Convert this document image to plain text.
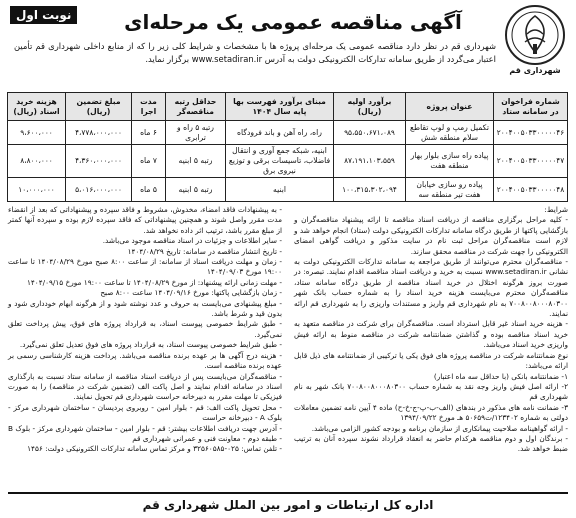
نوبت اول
شهرداری قم
آگهی مناقصه عمومی یک مرحله‌ای
شهرداری قم در نظر دارد مناقصه عمومی یک مرحله‌ای پروژه ها با مشخصات و شرایط کلی زیر را که از منابع داخلی شهرداری قم تأمین اعتبار می‌گردد از طریق سامانه تدارکات الکترونیکی دولت به آدرس www.setadiran.ir برگزار نماید.
شماره فراخوان در سامانه ستاد	عنوان پروژه	برآورد اولیه (ریال)	مبنای برآورد فهرست بها پایه سال ۱۴۰۴	حداقل رتبه مناقصه‌گر	مدت اجرا	مبلغ تضمین (ریال)	هزینه خرید اسناد (ریال)
۲۰۰۴۰۰۵۰۳۳۰۰۰۰۰۴۶	تکمیل رمپ و لوپ تقاطع سلام منطقه شش	۹۵،۵۵۰،۶۷۱،۰۸۹	راه، راه آهن و باند فرودگاه	رتبه ۵ راه و ترابری	۶ ماه	۴،۷۷۸،۰۰۰،۰۰۰	۹،۶۰۰،۰۰۰
۲۰۰۴۰۰۵۰۳۳۰۰۰۰۰۴۷	پیاده راه سازی بلوار بهار منطقه هفت	۸۷،۱۹۱،۱۰۳،۵۵۹	ابنیه، شبکه جمع آوری و انتقال فاضلاب، تاسیسات برقی و توزیع نیروی برق	رتبه ۵ ابنیه	۷ ماه	۴،۳۶۰،۰۰۰،۰۰۰	۸،۸۰۰،۰۰۰
۲۰۰۴۰۰۵۰۳۳۰۰۰۰۰۴۸	پیاده رو سازی خیابان هفت تیر منطقه سه	۱۰۰،۳۱۵،۳۰۲،۰۹۴	ابنیه	رتبه ۵ ابنیه	۵ ماه	۵،۰۱۶،۰۰۰،۰۰۰	۱۰،۰۰۰،۰۰۰

شرایط:

- کلیه مراحل برگزاری مناقصه از دریافت اسناد مناقصه تا ارائه پیشنهاد مناقصه‌گران و بازگشایی پاکتها از طریق درگاه سامانه تدارکات الکترونیکی دولت (ستاد) انجام خواهد شد و لازم است مناقصه‌گران مراحل ثبت نام در سایت مذکور و دریافت گواهی امضای الکترونیکی را جهت شرکت در مناقصه محقق سازند.

- مناقصه‌گران محترم می‌توانند از طریق مراجعه به سامانه تدارکات الکترونیکی دولت به نشانی www.setadiran.ir نسبت به خرید و دریافت اسناد مناقصه اقدام نمایند. تبصره: در صورت بروز هرگونه اختلال در خرید اسناد مناقصه از طریق درگاه سامانه ستاد، مناقصه‌گران محترم می‌بایست هزینه خرید اسناد را به شماره حساب بانک شهر ۷۰۰۸۰۰۸۰۰۰۸۰۳۰۰ به نام شهرداری قم واریز و مستندات واریزی را به شهرداری قم ارائه نمایند.

- هزینه خرید اسناد غیر قابل استرداد است. مناقصه‌گران برای شرکت در مناقصه متعهد به خرید اسناد مناقصه بوده و گذاشتن ضمانتنامه شرکت در مناقصه منوط به ارائه فیش واریزی خرید اسناد می‌باشد.

نوع ضمانتنامه شرکت در مناقصه پروژه های فوق یکی یا ترکیبی از ضمانتنامه های ذیل قابل ارائه می‌باشد:

۱- ضمانتنامه بانکی (با حداقل سه ماه اعتبار)

۲- ارائه اصل فیش واریز وجه نقد به شماره حساب ۷۰۰۸۰۰۸۰۰۰۸۰۳۰۰ بانک شهر به نام شهرداری قم

۳- ضمانت نامه های مذکور در بندهای (الف-ب-پ-ج-خ-ح) ماده ۴ آیین نامه تضمین معاملات دولتی به شماره ۱۲۳۴۰۲/ت۵۰۶۵۹ هـ مورخ ۱۳۹۴/۰۹/۲۲

- ارائه گواهینامه صلاحیت پیمانکاری از سازمان برنامه و بودجه کشور الزامی می‌باشد.

- برندگان اول و دوم مناقصه هرکدام حاضر به انعقاد قرارداد نشوند سپرده آنان به ترتیب ضبط خواهد شد.

- به پیشنهادات فاقد امضاء، مخدوش، مشروط و فاقد سپرده و پیشنهاداتی که بعد از انقضاء مدت مقرر واصل شوند و همچنین پیشنهاداتی که فاقد سپرده لازم بوده و سپرده آنها کمتر از مبلغ مقرر باشد، ترتیب اثر داده نخواهد شد.

- سایر اطلاعات و جزئیات در اسناد مناقصه موجود می‌باشد.

- تاریخ انتشار مناقصه در سامانه: تاریخ ۱۴۰۴/۰۸/۲۹

- زمان و مهلت دریافت اسناد از سامانه: از ساعت ۸:۰۰ صبح مورخ ۱۴۰۴/۰۸/۲۹ تا ساعت ۱۹:۰۰ مورخ ۱۴۰۴/۰۹/۰۳

- مهلت زمانی ارائه پیشنهاد: از مورخ ۱۴۰۴/۰۸/۲۹ تا ساعت ۱۹:۰۰ مورخ ۱۴۰۴/۰۹/۱۵

- زمان بازگشایی پاکتها: مورخ ۱۴۰۴/۰۹/۱۶ ساعت ۸:۰۰ صبح

- مبلغ پیشنهادی می‌بایست به حروف و عدد نوشته شود و از هرگونه ابهام خودداری شود و بدون قید و شرط باشد.

- طبق شرایط خصوصی پیوست اسناد، به قرارداد پروژه های فوق، پیش پرداخت تعلق نمی‌گیرد.

- طبق شرایط خصوصی پیوست اسناد، به قرارداد پروژه های فوق تعدیل تعلق نمی‌گیرد.

- هزینه درج آگهی ها بر عهده برنده مناقصه می‌باشد. پرداخت هزینه کارشناسی رسمی بر عهده برنده مناقصه است.

- مناقصه‌گران می‌بایست پس از دریافت اسناد مناقصه از سامانه ستاد نسبت به بارگذاری اسناد در سامانه اقدام نمایند و اصل پاکت الف (تضمین شرکت در مناقصه) را به صورت فیزیکی تا مهلت مقرر به دبیرخانه حراست شهرداری قم تحویل نمایند.

- محل تحویل پاکت الف: قم - بلوار امین - روبروی پردیسان - ساختمان شهرداری مرکز - بلوک A - دبیرخانه حراست

- آدرس جهت دریافت اطلاعات بیشتر: قم - بلوار امین - ساختمان شهرداری مرکز - بلوک B - طبقه دوم - معاونت فنی و عمرانی شهرداری قم

- تلفن تماس: ۰۲۵-۳۲۵۶۰۵۸۵ و مرکز تماس سامانه تدارکات الکترونیکی دولت: ۱۴۵۶

اداره کل ارتباطات و امور بین الملل شهرداری قم
